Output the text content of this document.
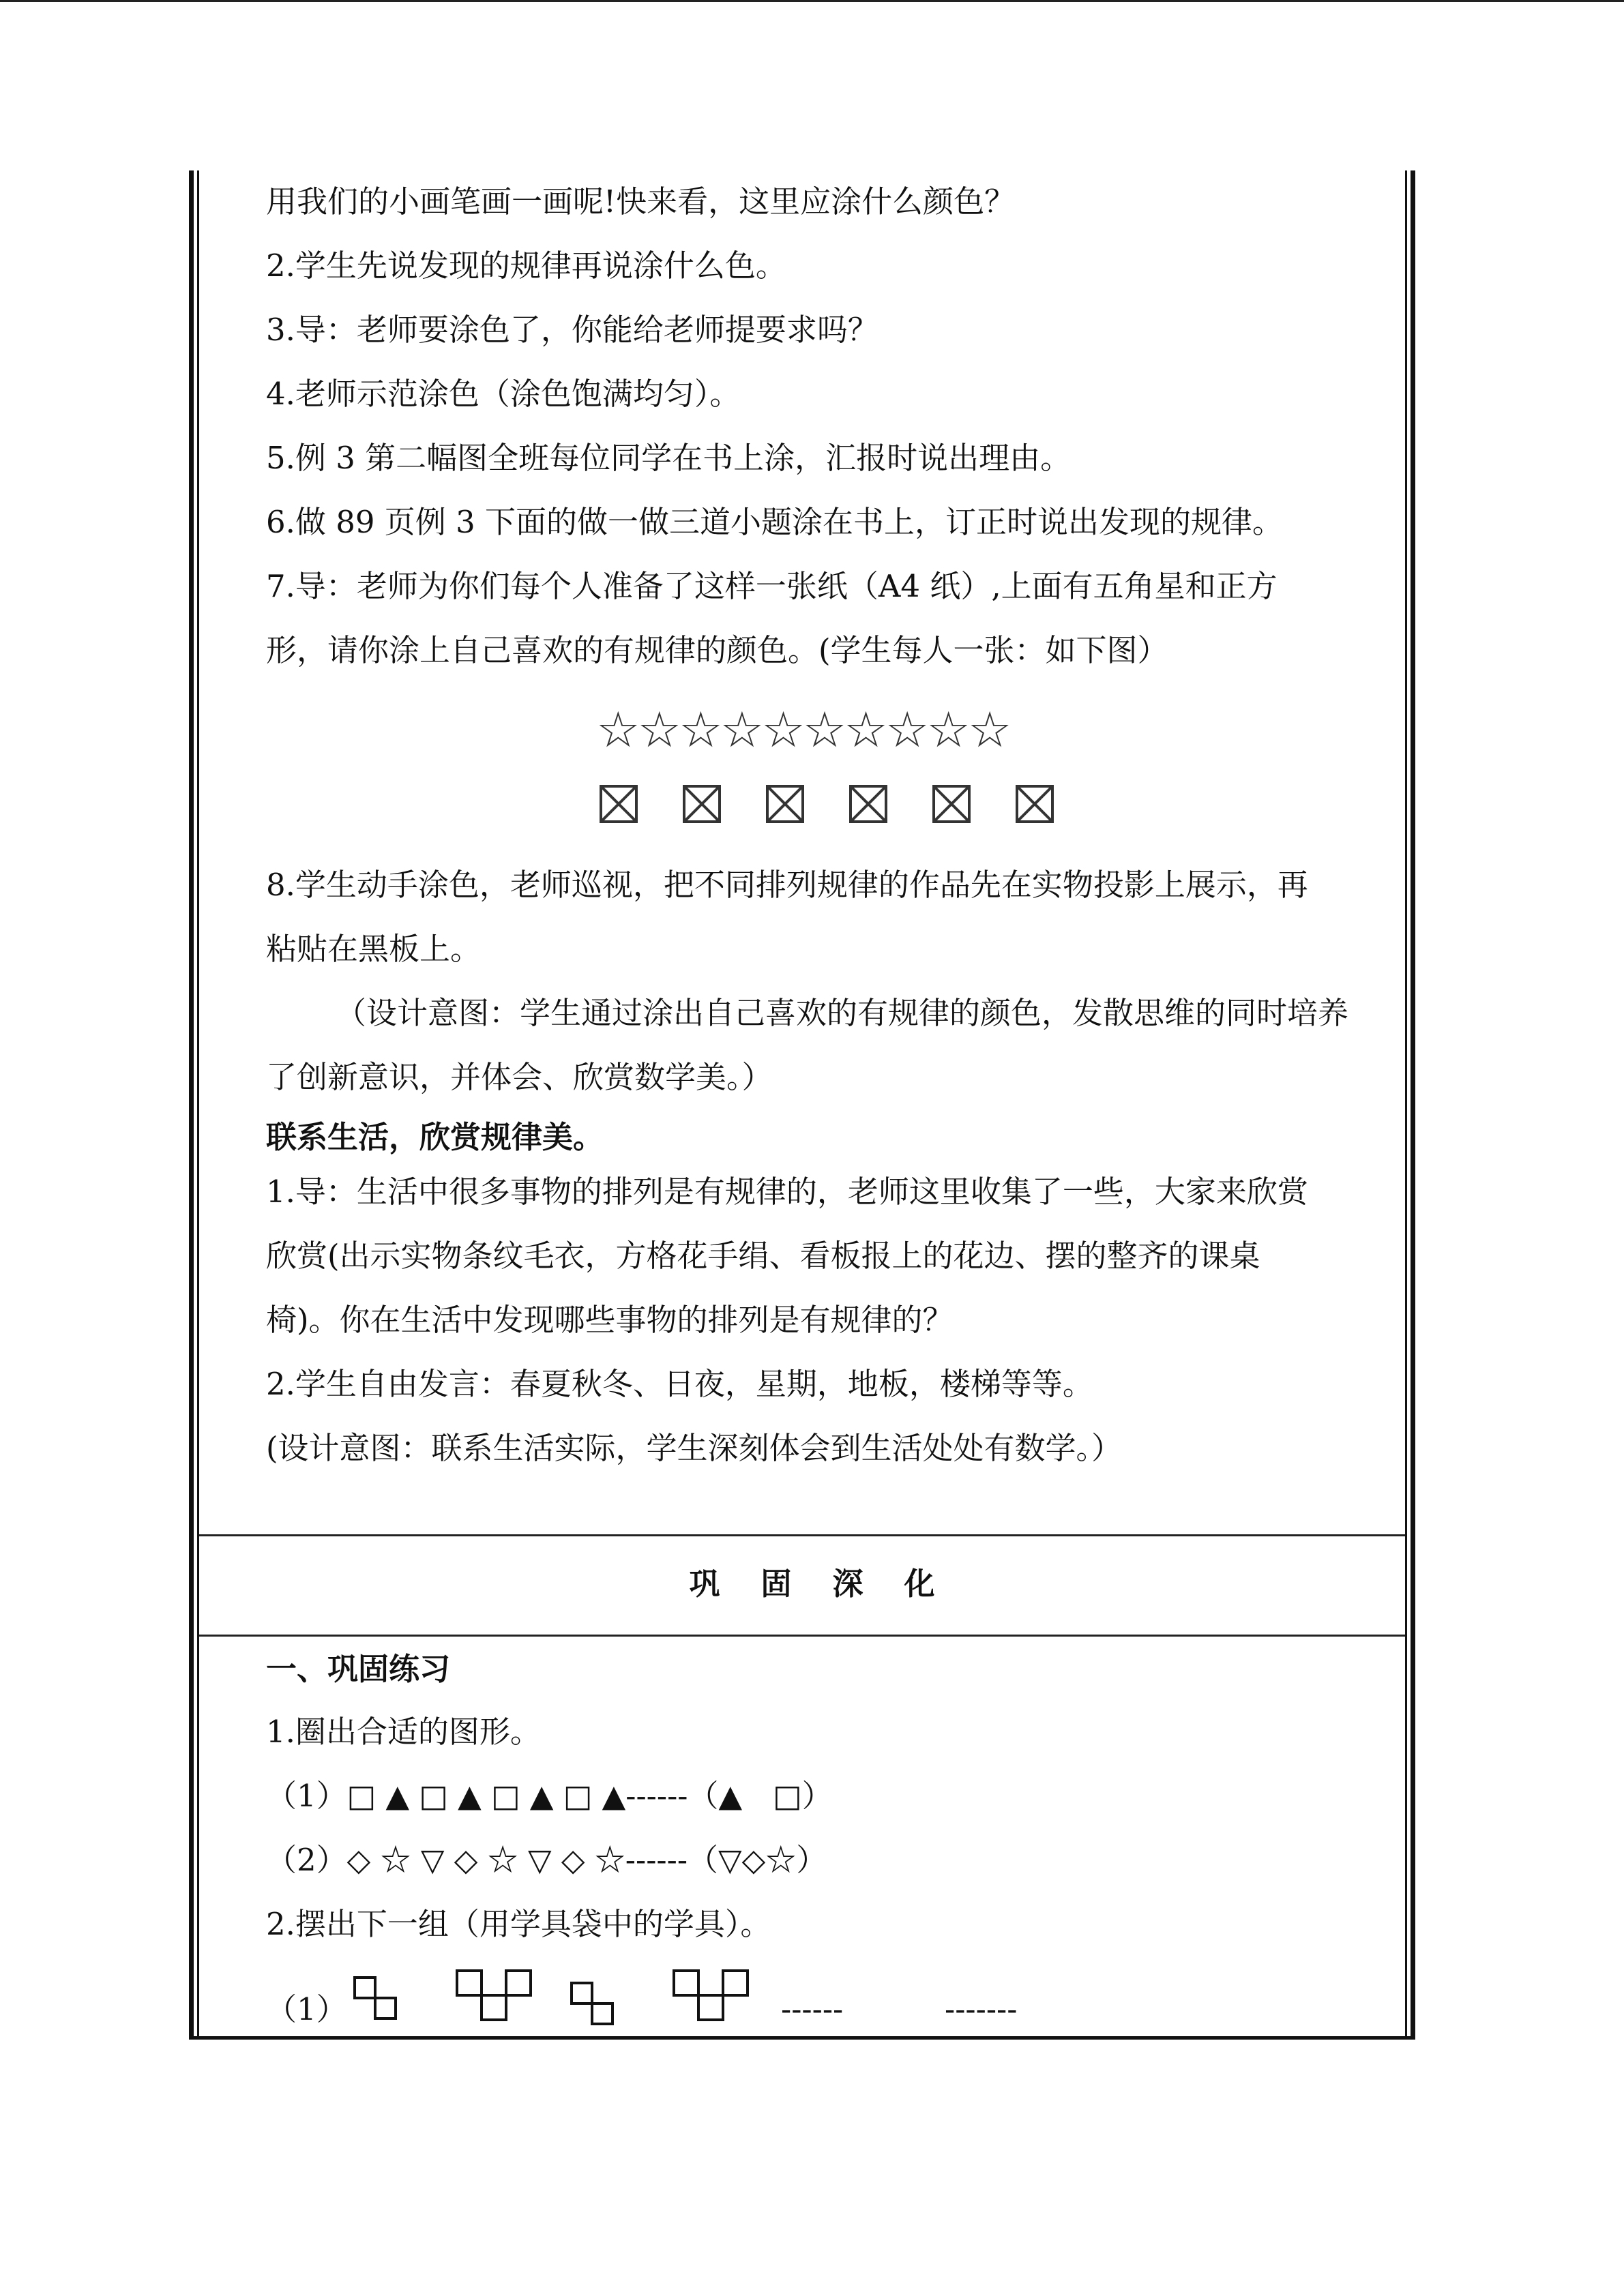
用我们的小画笔画一画呢!快来看，这里应涂什么颜色？
2.学生先说发现的规律再说涂什么色。
3.导：老师要涂色了，你能给老师提要求吗？
4.老师示范涂色（涂色饱满均匀）。
5.例 3 第二幅图全班每位同学在书上涂，汇报时说出理由。
6.做 89 页例 3 下面的做一做三道小题涂在书上，订正时说出发现的规律。
7.导：老师为你们每个人准备了这样一张纸（A4 纸）,上面有五角星和正方
形，请你涂上自己喜欢的有规律的颜色。(学生每人一张：如下图）
☆☆☆☆☆☆☆☆☆☆
8.学生动手涂色，老师巡视，把不同排列规律的作品先在实物投影上展示，再
粘贴在黑板上。
（设计意图：学生通过涂出自己喜欢的有规律的颜色，发散思维的同时培养
了创新意识，并体会、欣赏数学美。）
联系生活，欣赏规律美。
1.导：生活中很多事物的排列是有规律的，老师这里收集了一些，大家来欣赏
欣赏(出示实物条纹毛衣，方格花手绢、看板报上的花边、摆的整齐的课桌
椅)。你在生活中发现哪些事物的排列是有规律的？
2.学生自由发言：春夏秋冬、日夜，星期，地板，楼梯等等。
(设计意图：联系生活实际，学生深刻体会到生活处处有数学。）
巩固深化
一、巩固练习
1.圈出合适的图形。
（1）□ ▲ □ ▲ □ ▲ □ ▲------（▲　□）
（2）◇ ☆ ▽ ◇ ☆ ▽ ◇ ☆------（▽◇☆）
2.摆出下一组（用学具袋中的学具）。
（1）	------	-------
